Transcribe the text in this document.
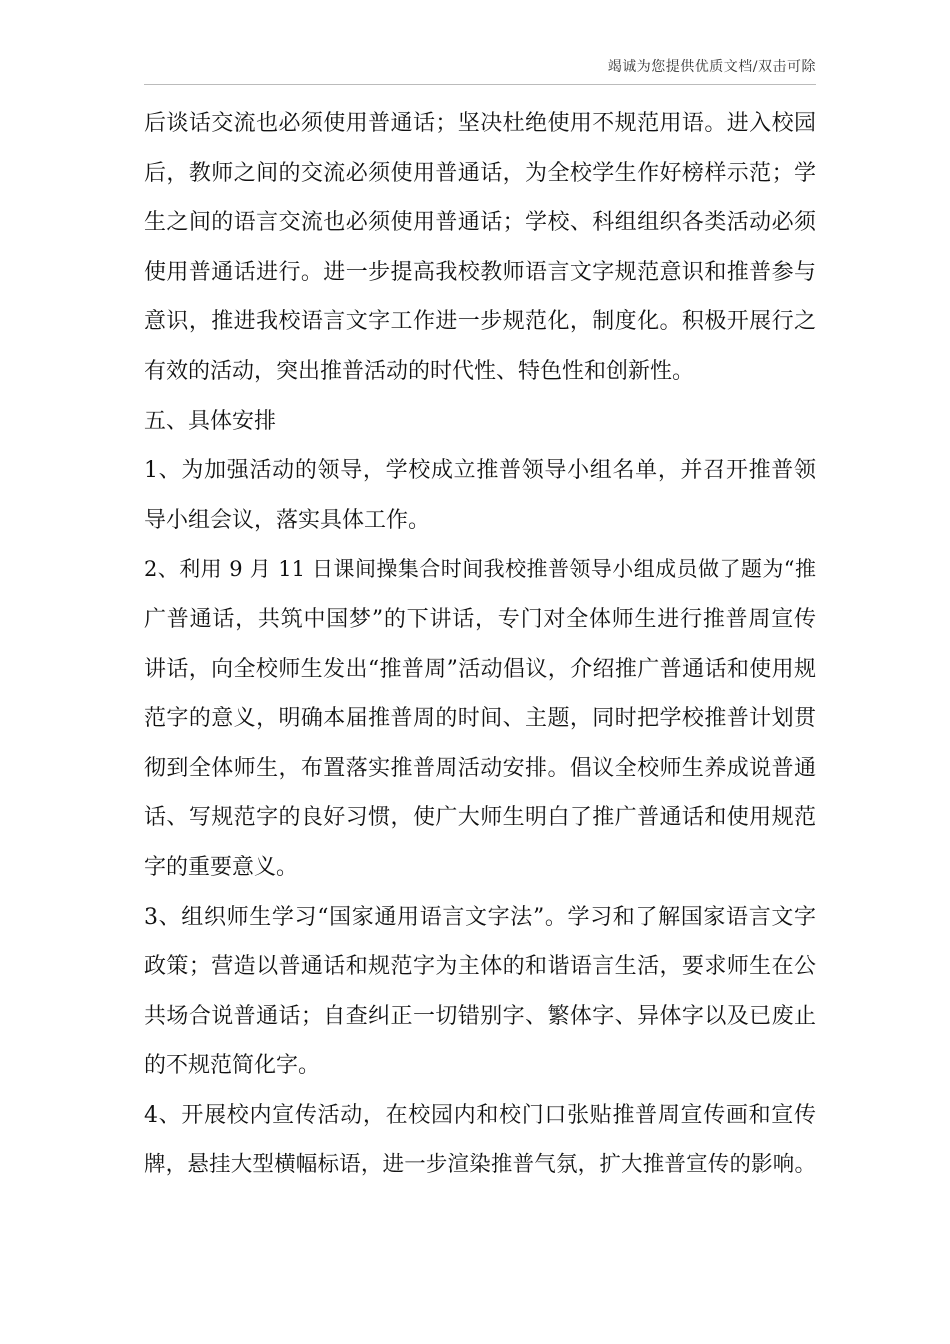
竭诚为您提供优质文档/双击可除
后谈话交流也必须使用普通话；坚决杜绝使用不规范用语。进入校园
后，教师之间的交流必须使用普通话，为全校学生作好榜样示范；学
生之间的语言交流也必须使用普通话；学校、科组组织各类活动必须
使用普通话进行。进一步提高我校教师语言文字规范意识和推普参与
意识，推进我校语言文字工作进一步规范化，制度化。积极开展行之
有效的活动，突出推普活动的时代性、特色性和创新性。
五、具体安排
1、为加强活动的领导，学校成立推普领导小组名单，并召开推普领
导小组会议，落实具体工作。
2、利用 9 月 11 日课间操集合时间我校推普领导小组成员做了题为“推
广普通话，共筑中国梦”的下讲话，专门对全体师生进行推普周宣传
讲话，向全校师生发出“推普周”活动倡议，介绍推广普通话和使用规
范字的意义，明确本届推普周的时间、主题，同时把学校推普计划贯
彻到全体师生，布置落实推普周活动安排。倡议全校师生养成说普通
话、写规范字的良好习惯，使广大师生明白了推广普通话和使用规范
字的重要意义。
3、组织师生学习“国家通用语言文字法”。学习和了解国家语言文字
政策；营造以普通话和规范字为主体的和谐语言生活，要求师生在公
共场合说普通话；自查纠正一切错别字、繁体字、异体字以及已废止
的不规范简化字。
4、开展校内宣传活动，在校园内和校门口张贴推普周宣传画和宣传
牌，悬挂大型横幅标语，进一步渲染推普气氛，扩大推普宣传的影响。
